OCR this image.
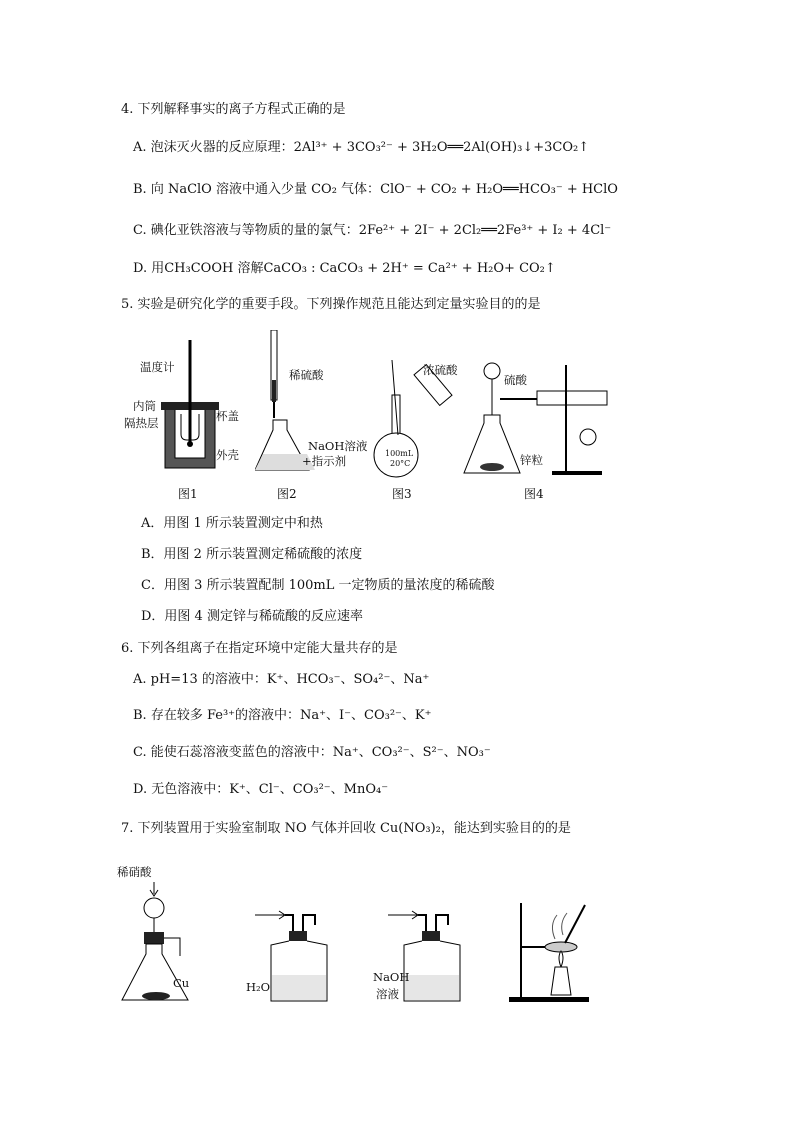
4. 下列解释事实的离子方程式正确的是
A. 泡沫灭火器的反应原理：2Al³⁺ + 3CO₃²⁻ + 3H₂O══2Al(OH)₃↓+3CO₂↑
B. 向 NaClO 溶液中通入少量 CO₂ 气体：ClO⁻ + CO₂ + H₂O══HCO₃⁻ + HClO
C. 碘化亚铁溶液与等物质的量的氯气：2Fe²⁺ + 2I⁻ + 2Cl₂══2Fe³⁺ + I₂ + 4Cl⁻
D. 用CH₃COOH 溶解CaCO₃ : CaCO₃ + 2H⁺ = Ca²⁺ + H₂O+ CO₂↑
5. 实验是研究化学的重要手段。下列操作规范且能达到定量实验目的的是
温度计
内筒
隔热层	杯盖
外壳
图1
稀硫酸
NaOH溶液
+指示剂
图2
浓硫酸
100mL
20°C
图3
硫酸
锌粒
图4
A．用图 1 所示装置测定中和热
B．用图 2 所示装置测定稀硫酸的浓度
C．用图 3 所示装置配制 100mL 一定物质的量浓度的稀硫酸
D．用图 4 测定锌与稀硫酸的反应速率
6. 下列各组离子在指定环境中定能大量共存的是
A. pH=13 的溶液中：K⁺、HCO₃⁻、SO₄²⁻、Na⁺
B. 存在较多 Fe³⁺的溶液中：Na⁺、I⁻、CO₃²⁻、K⁺
C. 能使石蕊溶液变蓝色的溶液中：Na⁺、CO₃²⁻、S²⁻、NO₃⁻
D. 无色溶液中：K⁺、Cl⁻、CO₃²⁻、MnO₄⁻
7. 下列装置用于实验室制取 NO 气体并回收 Cu(NO₃)₂，能达到实验目的的是
稀硝酸
Cu	H₂O
NaOH
溶液
